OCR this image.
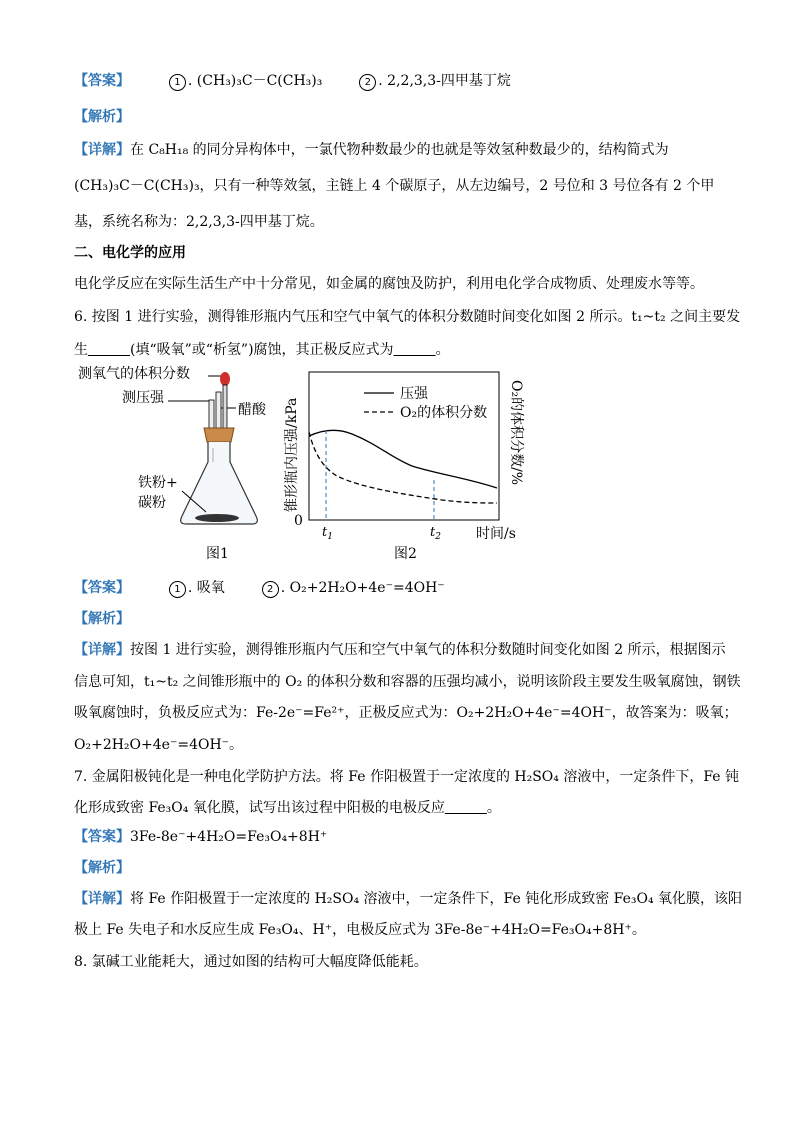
【答案】	1 . (CH₃)₃C－C(CH₃)₃	2 . 2,2,3,3-四甲基丁烷
【解析】
【详解】在 C₈H₁₈ 的同分异构体中，一氯代物种数最少的也就是等效氢种数最少的，结构简式为
(CH₃)₃C－C(CH₃)₃，只有一种等效氢，主链上 4 个碳原子，从左边编号，2 号位和 3 号位各有 2 个甲
基，系统名称为：2,2,3,3-四甲基丁烷。
二、电化学的应用
电化学反应在实际生活生产中十分常见，如金属的腐蚀及防护，利用电化学合成物质、处理废水等等。
6. 按图 1 进行实验，测得锥形瓶内气压和空气中氧气的体积分数随时间变化如图 2 所示。t₁~t₂ 之间主要发
生   	(填“吸氧”或“析氢”)腐蚀，其正极反应式为   	。
测氧气的体积分数
测压强
醋酸
铁粉+
碳粉
图1
锥形瓶内压强/kPa	O₂的体积分数/%
压强
O₂的体积分数
0
$t_1$	$t_2$	时间/s
图2
【答案】	1 . 吸氧	2 . O₂+2H₂O+4e⁻=4OH⁻
【解析】
【详解】按图 1 进行实验，测得锥形瓶内气压和空气中氧气的体积分数随时间变化如图 2 所示，根据图示
信息可知，t₁~t₂ 之间锥形瓶中的 O₂ 的体积分数和容器的压强均减小，说明该阶段主要发生吸氧腐蚀，钢铁
吸氧腐蚀时，负极反应式为：Fe-2e⁻=Fe²⁺，正极反应式为：O₂+2H₂O+4e⁻=4OH⁻，故答案为：吸氧；
O₂+2H₂O+4e⁻=4OH⁻。
7. 金属阳极钝化是一种电化学防护方法。将 Fe 作阳极置于一定浓度的 H₂SO₄ 溶液中，一定条件下，Fe 钝
化形成致密 Fe₃O₄ 氧化膜，试写出该过程中阳极的电极反应   	。
【答案】3Fe-8e⁻+4H₂O=Fe₃O₄+8H⁺
【解析】
【详解】将 Fe 作阳极置于一定浓度的 H₂SO₄ 溶液中，一定条件下，Fe 钝化形成致密 Fe₃O₄ 氧化膜，该阳
极上 Fe 失电子和水反应生成 Fe₃O₄、H⁺，电极反应式为 3Fe-8e⁻+4H₂O=Fe₃O₄+8H⁺。
8. 氯碱工业能耗大，通过如图的结构可大幅度降低能耗。
